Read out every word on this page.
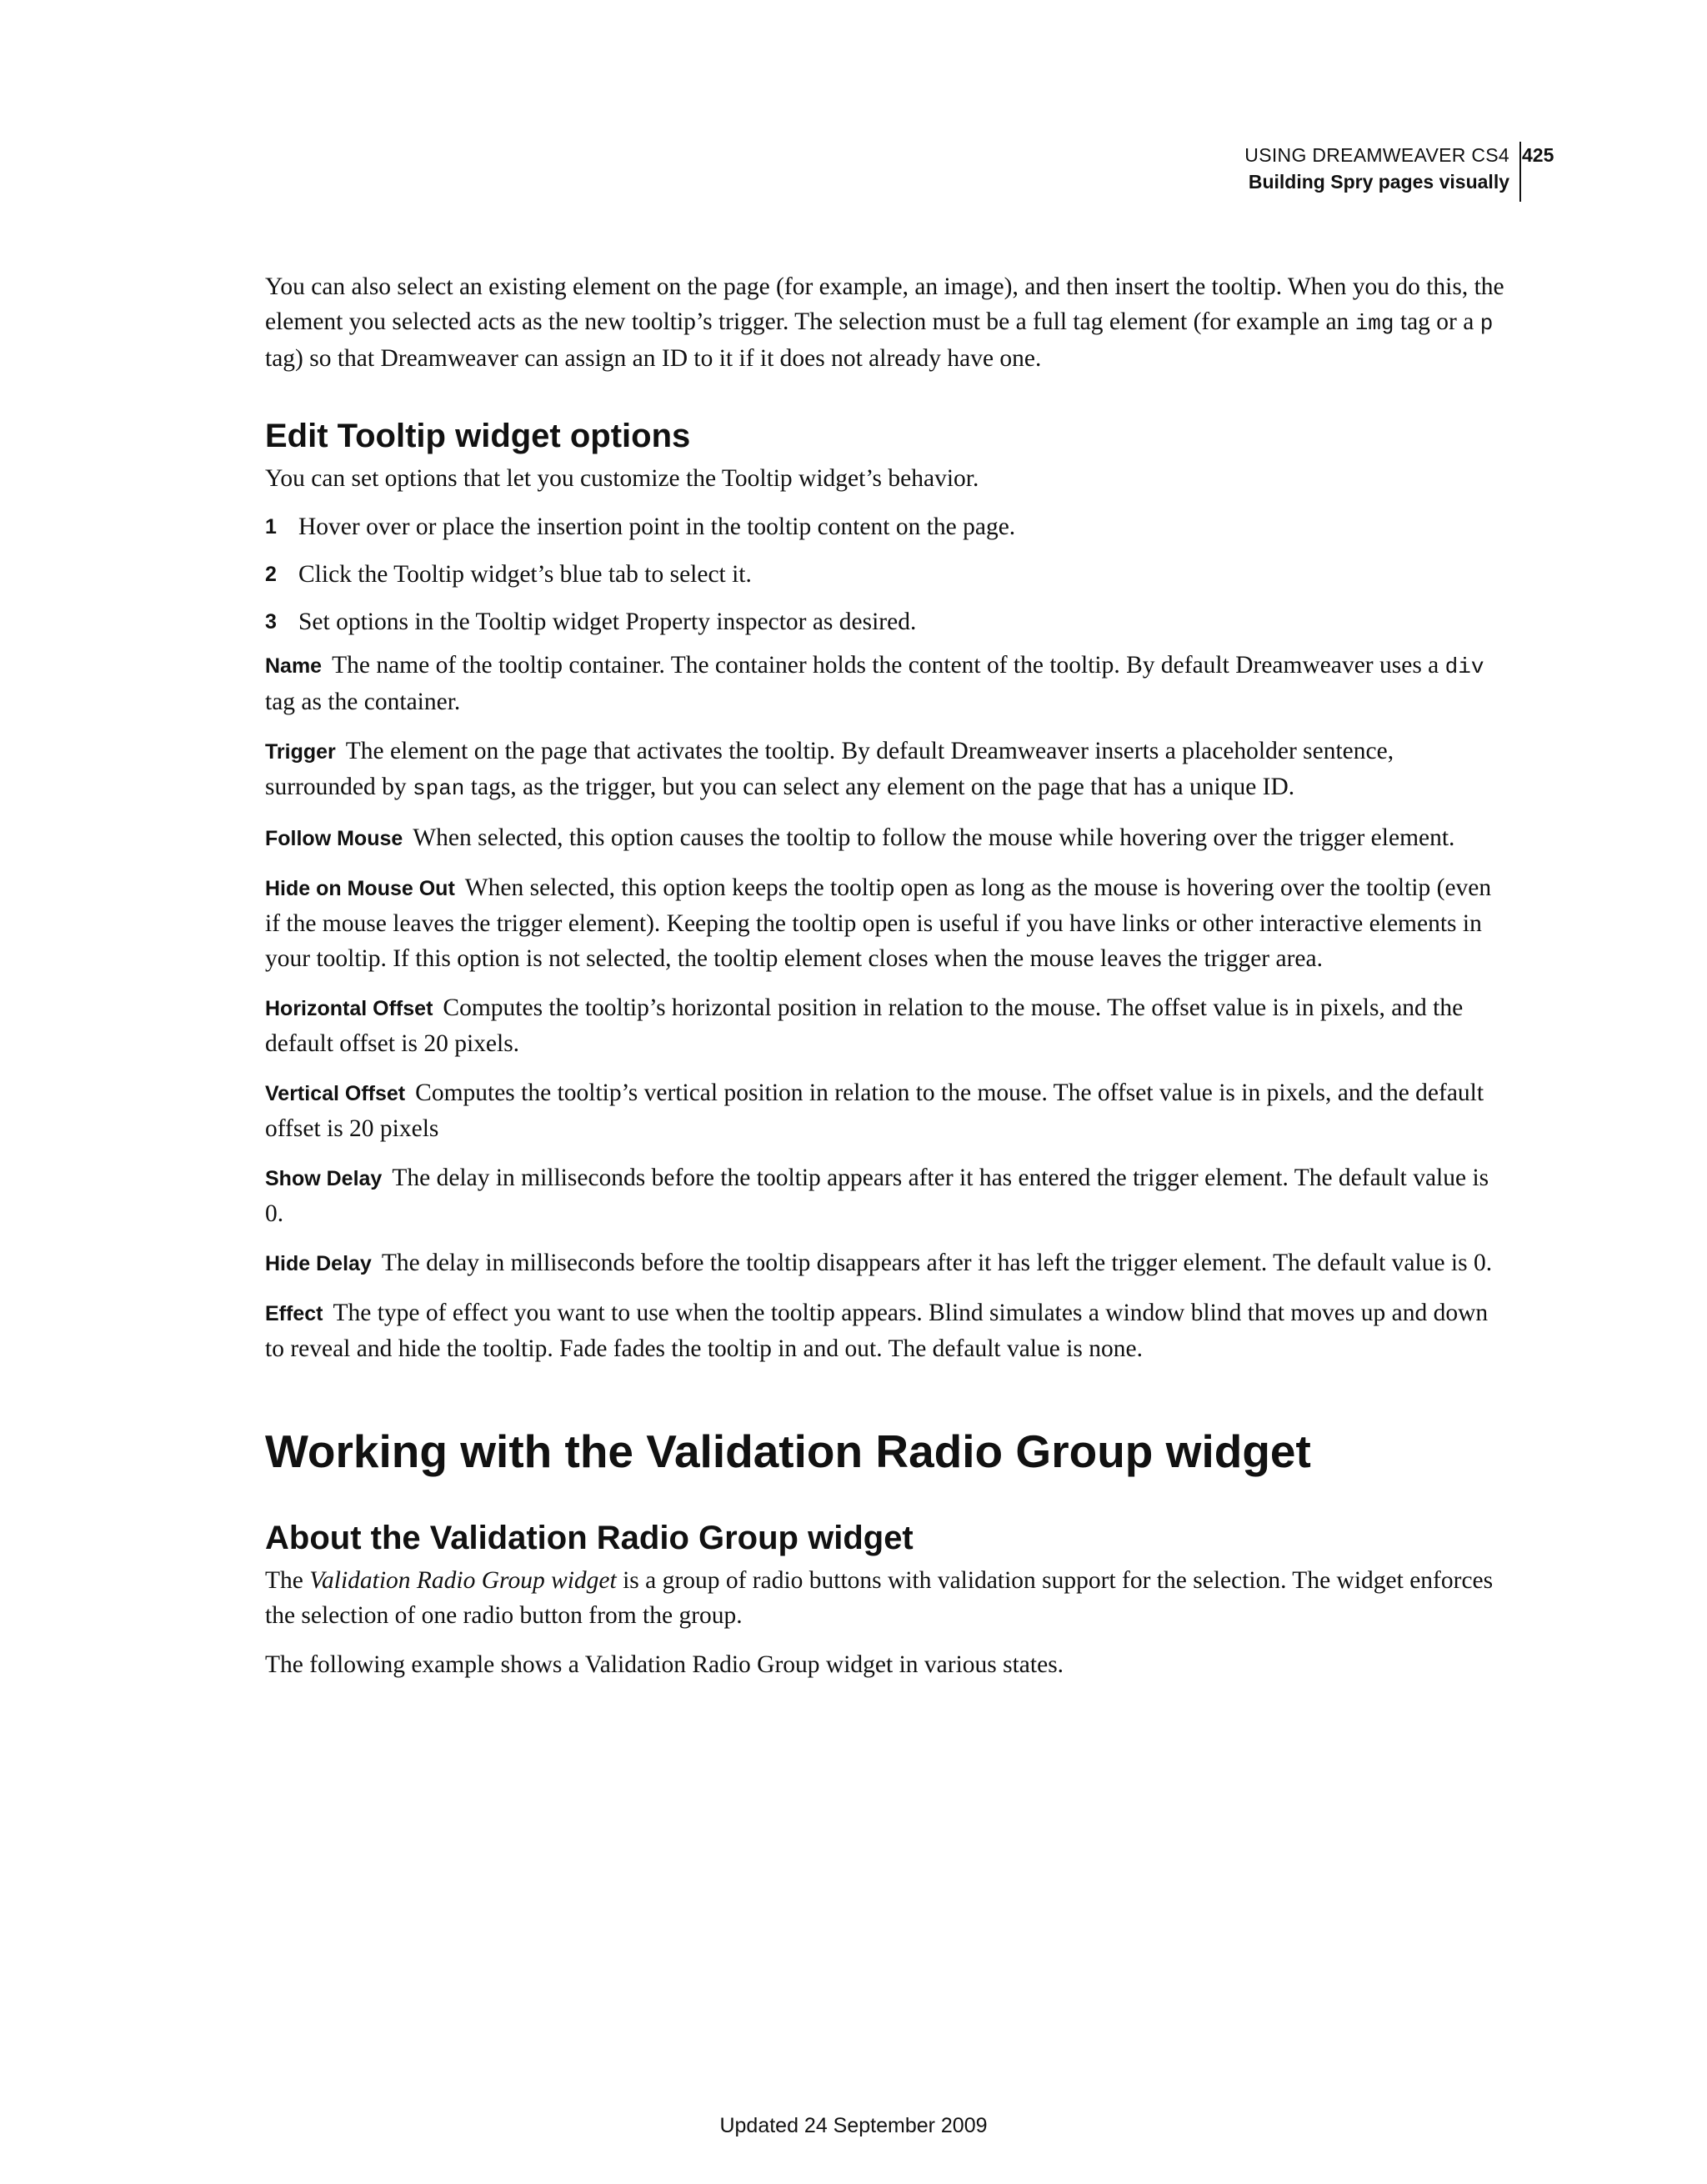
USING DREAMWEAVER CS4
Building Spry pages visually
425

You can also select an existing element on the page (for example, an image), and then insert the tooltip. When you do this, the element you selected acts as the new tooltip’s trigger. The selection must be a full tag element (for example an img tag or a p tag) so that Dreamweaver can assign an ID to it if it does not already have one.

Edit Tooltip widget options

You can set options that let you customize the Tooltip widget’s behavior.

1 Hover over or place the insertion point in the tooltip content on the page.
2 Click the Tooltip widget’s blue tab to select it.
3 Set options in the Tooltip widget Property inspector as desired.

Name The name of the tooltip container. The container holds the content of the tooltip. By default Dreamweaver uses a div tag as the container.

Trigger The element on the page that activates the tooltip. By default Dreamweaver inserts a placeholder sentence, surrounded by span tags, as the trigger, but you can select any element on the page that has a unique ID.

Follow Mouse When selected, this option causes the tooltip to follow the mouse while hovering over the trigger element.

Hide on Mouse Out When selected, this option keeps the tooltip open as long as the mouse is hovering over the tooltip (even if the mouse leaves the trigger element). Keeping the tooltip open is useful if you have links or other interactive elements in your tooltip. If this option is not selected, the tooltip element closes when the mouse leaves the trigger area.

Horizontal Offset Computes the tooltip’s horizontal position in relation to the mouse. The offset value is in pixels, and the default offset is 20 pixels.

Vertical Offset Computes the tooltip’s vertical position in relation to the mouse. The offset value is in pixels, and the default offset is 20 pixels

Show Delay The delay in milliseconds before the tooltip appears after it has entered the trigger element. The default value is 0.

Hide Delay The delay in milliseconds before the tooltip disappears after it has left the trigger element. The default value is 0.

Effect The type of effect you want to use when the tooltip appears. Blind simulates a window blind that moves up and down to reveal and hide the tooltip. Fade fades the tooltip in and out. The default value is none.

Working with the Validation Radio Group widget
About the Validation Radio Group widget

The Validation Radio Group widget is a group of radio buttons with validation support for the selection. The widget enforces the selection of one radio button from the group.

The following example shows a Validation Radio Group widget in various states.

Updated 24 September 2009
